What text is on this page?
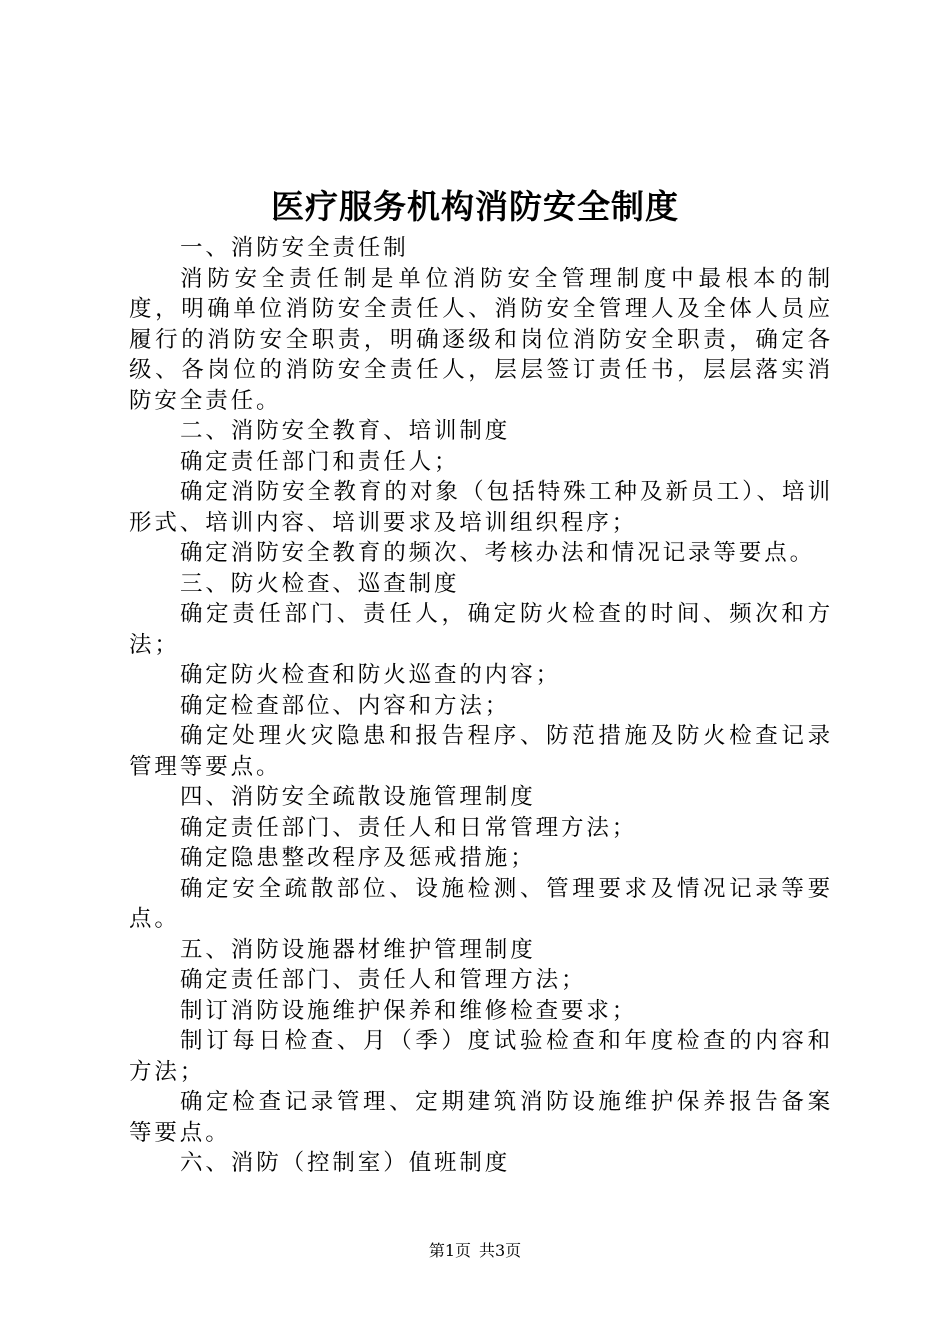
医疗服务机构消防安全制度

一、消防安全责任制

消防安全责任制是单位消防安全管理制度中最根本的制度，明确单位消防安全责任人、消防安全管理人及全体人员应履行的消防安全职责，明确逐级和岗位消防安全职责，确定各级、各岗位的消防安全责任人，层层签订责任书，层层落实消防安全责任。

二、消防安全教育、培训制度

确定责任部门和责任人；

确定消防安全教育的对象（包括特殊工种及新员工）、培训形式、培训内容、培训要求及培训组织程序；

确定消防安全教育的频次、考核办法和情况记录等要点。

三、防火检查、巡查制度

确定责任部门、责任人，确定防火检查的时间、频次和方法；

确定防火检查和防火巡查的内容；

确定检查部位、内容和方法；

确定处理火灾隐患和报告程序、防范措施及防火检查记录管理等要点。

四、消防安全疏散设施管理制度

确定责任部门、责任人和日常管理方法；

确定隐患整改程序及惩戒措施；

确定安全疏散部位、设施检测、管理要求及情况记录等要点。

五、消防设施器材维护管理制度

确定责任部门、责任人和管理方法；

制订消防设施维护保养和维修检查要求；

制订每日检查、月（季）度试验检查和年度检查的内容和方法；

确定检查记录管理、定期建筑消防设施维护保养报告备案等要点。

六、消防（控制室）值班制度

第1页 共3页
